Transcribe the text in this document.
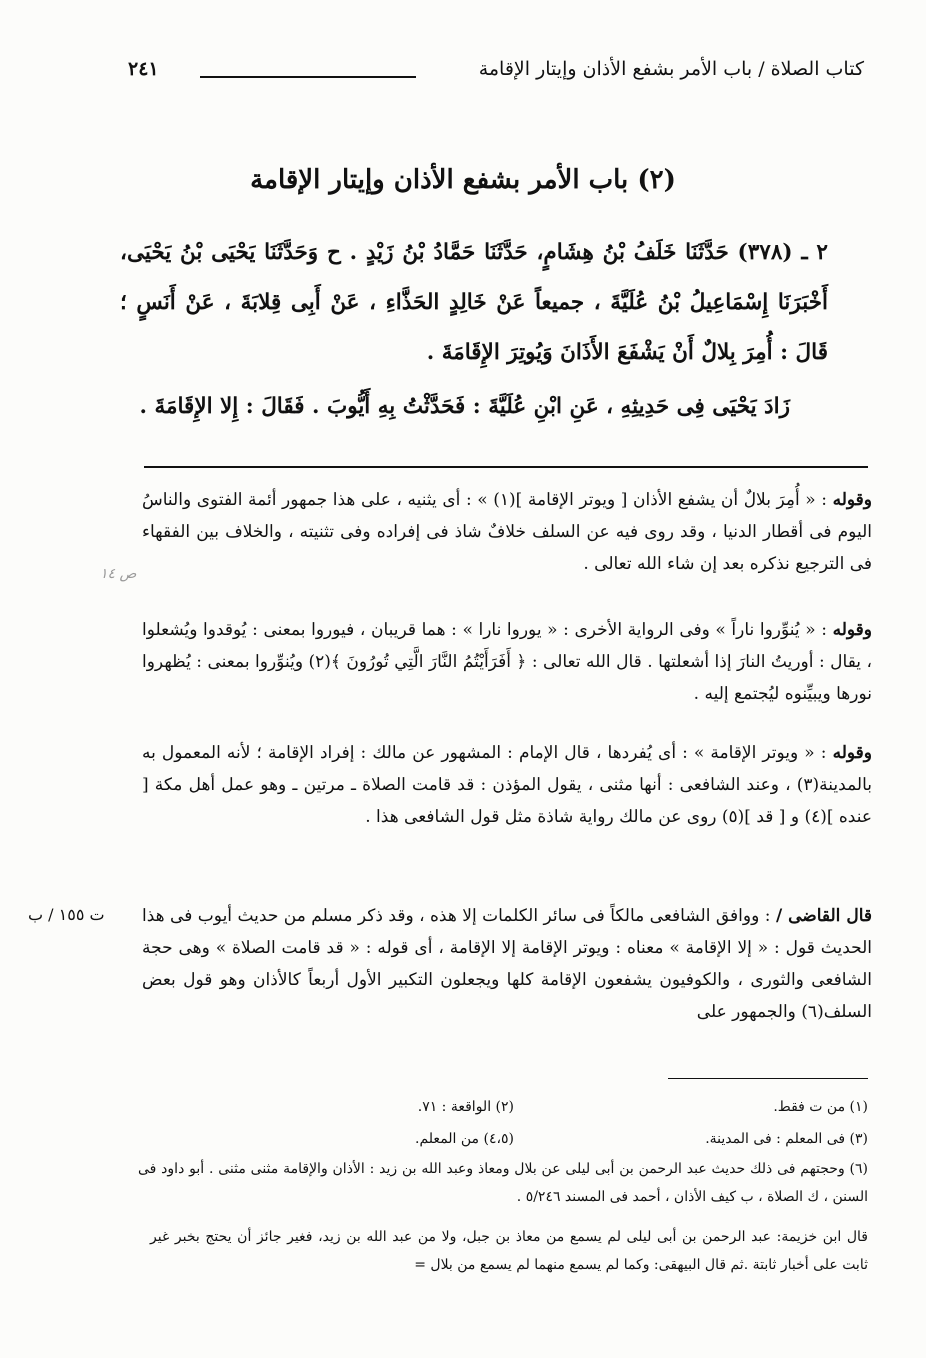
كتاب الصلاة / باب الأمر بشفع الأذان وإيتار الإقامة
٢٤١
(٢) باب الأمر بشفع الأذان وإيتار الإقامة

٢ ـ (٣٧٨) حَدَّثَنَا خَلَفُ بْنُ هِشَامٍ، حَدَّثَنَا حَمَّادُ بْنُ زَيْدٍ . ح وَحَدَّثَنَا يَحْيَى بْنُ يَحْيَى، أَخْبَرَنَا إِسْمَاعِيلُ بْنُ عُلَيَّةَ ، جميعاً عَنْ خَالِدٍ الحَذَّاءِ ، عَنْ أَبِى قِلابَةَ ، عَنْ أَنَسٍ ؛ قَالَ : أُمِرَ بِلالٌ أَنْ يَشْفَعَ الأَذَانَ وَيُوتِرَ الإِقَامَةَ .

زَادَ يَحْيَى فِى حَدِيثِهِ ، عَنِ ابْنِ عُلَيَّةَ : فَحَدَّثْتُ بِهِ أَيُّوبَ . فَقَالَ : إِلا الإِقَامَةَ .

وقوله : « أُمِرَ بلالٌ أن يشفع الأذان [ ويوتر الإقامة ](١) » : أى يثنيه ، على هذا جمهور أئمة الفتوى والناسُ اليوم فى أقطار الدنيا ، وقد روى فيه عن السلف خلافٌ شاذ فى إفراده وفى تثنيته ، والخلاف بين الفقهاء فى الترجيع نذكره بعد إن شاء الله تعالى .
ص ١٤
وقوله : « يُنوِّروا ناراً » وفى الرواية الأخرى : « يوروا نارا » : هما قريبان ، فيوروا بمعنى : يُوقدوا ويُشعلوا ، يقال : أوريتُ النارَ إذا أشعلتها . قال الله تعالى : ﴿ أَفَرَأَيْتُمُ النَّارَ الَّتِي تُورُونَ ﴾(٢) ويُنوِّروا بمعنى : يُظهروا نورها ويبيِّنوه ليُجتمع إليه .
وقوله : « ويوتر الإقامة » : أى يُفردها ، قال الإمام : المشهور عن مالك : إفراد الإقامة ؛ لأنه المعمول به بالمدينة(٣) ، وعند الشافعى : أنها مثنى ، يقول المؤذن : قد قامت الصلاة ـ مرتين ـ وهو عمل أهل مكة [ عنده ](٤) و [ قد ](٥) روى عن مالك رواية شاذة مثل قول الشافعى هذا .
قال القاضى / : ووافق الشافعى مالكاً فى سائر الكلمات إلا هذه ، وقد ذكر مسلم من حديث أيوب فى هذا الحديث قول : « إلا الإقامة » معناه : ويوتر الإقامة إلا الإقامة ، أى قوله : « قد قامت الصلاة » وهى حجة الشافعى والثورى ، والكوفيون يشفعون الإقامة كلها ويجعلون التكبير الأول أربعاً كالأذان وهو قول بعض السلف(٦) والجمهور على
ت ١٥٥ / ب
(١) من ت فقط.
(٢) الواقعة : ٧١.
(٣) فى المعلم : فى المدينة.
(٤،٥) من المعلم.
(٦) وحجتهم فى ذلك حديث عبد الرحمن بن أبى ليلى عن بلال ومعاذ وعبد الله بن زيد : الأذان والإقامة مثنى مثنى . أبو داود فى السنن ، ك الصلاة ، ب كيف الأذان ، أحمد فى المسند ٥/٢٤٦ .
قال ابن خزيمة: عبد الرحمن بن أبى ليلى لم يسمع من معاذ بن جبل، ولا من عبد الله بن زيد، فغير جائز أن يحتج بخبر غير ثابت على أخبار ثابتة .ثم قال البيهقى: وكما لم يسمع منهما لم يسمع من بلال =
